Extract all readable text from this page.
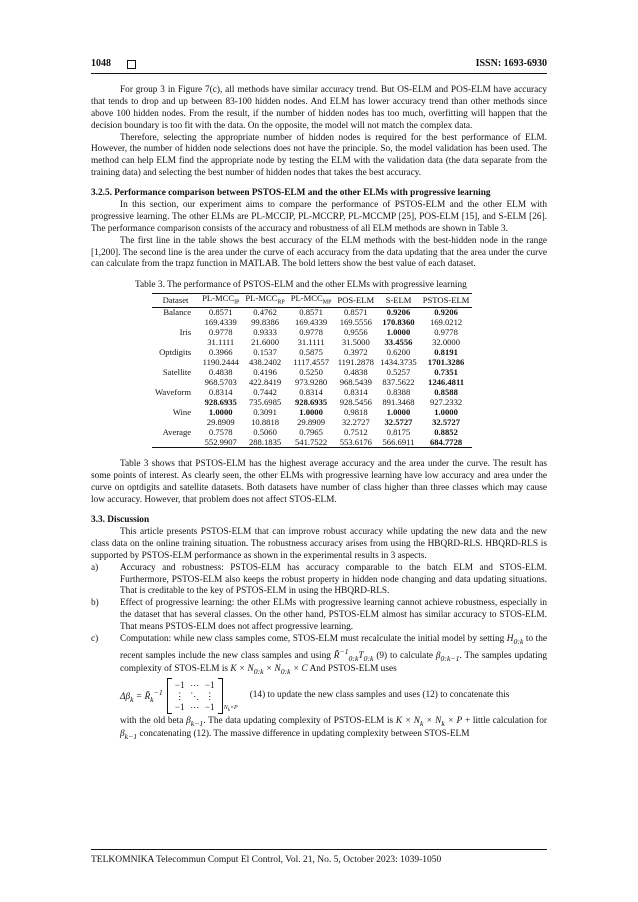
1048	ISSN: 1693-6930

For group 3 in Figure 7(c), all methods have similar accuracy trend. But OS-ELM and POS-ELM have accuracy that tends to drop and up between 83-100 hidden nodes. And ELM has lower accuracy trend than other methods since above 100 hidden nodes. From the result, if the number of hidden nodes has too much, overfitting will happen that the decision boundary is too fit with the data. On the opposite, the model will not match the complex data.

Therefore, selecting the appropriate number of hidden nodes is required for the best performance of ELM. However, the number of hidden node selections does not have the principle. So, the model validation has been used. The method can help ELM find the appropriate node by testing the ELM with the validation data (the data separate from the training data) and selecting the best number of hidden nodes that takes the best accuracy.

3.2.5. Performance comparison between PSTOS-ELM and the other ELMs with progressive learning

In this section, our experiment aims to compare the performance of PSTOS-ELM and the other ELM with progressive learning. The other ELMs are PL-MCCIP, PL-MCCRP, PL-MCCMP [25], POS-ELM [15], and S-ELM [26]. The performance comparison consists of the accuracy and robustness of all ELM methods are shown in Table 3.

The first line in the table shows the best accuracy of the ELM methods with the best-hidden node in the range [1,200]. The second line is the area under the curve of each accuracy from the data updating that the area under the curve can calculate from the trapz function in MATLAB. The bold letters show the best value of each dataset.

Table 3. The performance of PSTOS-ELM and the other ELMs with progressive learning

Dataset	$PL-MCC_{IP}$	$PL-MCC_{RP}$	$PL-MCC_{MP}$	POS-ELM	S-ELM	PSTOS-ELM
Balance	0.8571	0.4762	0.8571	0.8571	0.9206	0.9206
	169.4339	99.8386	169.4339	169.5556	170.8360	169.0212
Iris	0.9778	0.9333	0.9778	0.9556	1.0000	0.9778
	31.1111	21.6000	31.1111	31.5000	33.4556	32.0000
Optdigits	0.3966	0.1537	0.5875	0.3972	0.6200	0.8191
	1190.2444	438.2402	1117.4557	1191.2878	1434.3735	1701.3286
Satellite	0.4838	0.4196	0.5250	0.4838	0.5257	0.7351
	968.5703	422.8419	973.9280	968.5439	837.5622	1246.4811
Waveform	0.8314	0.7442	0.8314	0.8314	0.8388	0.8588
	928.6935	735.6985	928.6935	928.5456	891.3468	927.2332
Wine	1.0000	0.3091	1.0000	0.9818	1.0000	1.0000
	29.8909	10.8818	29.8909	32.2727	32.5727	32.5727
Average	0.7578	0.5060	0.7965	0.7512	0.8175	0.8852
	552.9907	288.1835	541.7522	553.6176	566.6911	684.7728

Table 3 shows that PSTOS-ELM has the highest average accuracy and the area under the curve. The result has some points of interest. As clearly seen, the other ELMs with progressive learning have low accuracy and area under the curve on optdigits and satellite datasets. Both datasets have number of class higher than three classes which may cause low accuracy. However, that problem does not affect STOS-ELM.

3.3. Discussion

This article presents PSTOS-ELM that can improve robust accuracy while updating the new data and the new class data on the online training situation. The robustness accuracy arises from using the HBQRD-RLS. HBQRD-RLS is supported by PSTOS-ELM performance as shown in the experimental results in 3 aspects.

a) Accuracy and robustness: PSTOS-ELM has accuracy comparable to the batch ELM and STOS-ELM. Furthermore, PSTOS-ELM also keeps the robust property in hidden node changing and data updating situations. That is creditable to the key of PSTOS-ELM in using the HBQRD-RLS.
b) Effect of progressive learning: the other ELMs with progressive learning cannot achieve robustness, especially in the dataset that has several classes. On the other hand, PSTOS-ELM almost has similar accuracy to STOS-ELM. That means PSTOS-ELM does not affect progressive learning.
c) Computation: while new class samples come, STOS-ELM must recalculate the initial model by setting $H_{0:k}$ to the recent samples include the new class samples and using $R̃^{-1}_{0:k}T_{0:k}$ (9) to calculate $\beta_{0:k-1}$. The samples updating complexity of STOS-ELM is $K \times N_{0:k} \times N_{0:k} \times C$ And PSTOS-ELM uses
$\Delta\beta_k$ = $R̃_k^{-1}$
−1 ⋯ −1
⋮ ⋱ ⋮
−1 ⋯ −1	$N_k\times P$
(14) to update the new class samples and uses (12) to concatenate this
with the old beta $\beta_{k-1}$. The data updating complexity of PSTOS-ELM is $K \times N_k \times N_k \times P$ + little calculation for $\beta_{k-1}$ concatenating (12). The massive difference in updating complexity between STOS-ELM
TELKOMNIKA Telecommun Comput El Control, Vol. 21, No. 5, October 2023: 1039-1050
